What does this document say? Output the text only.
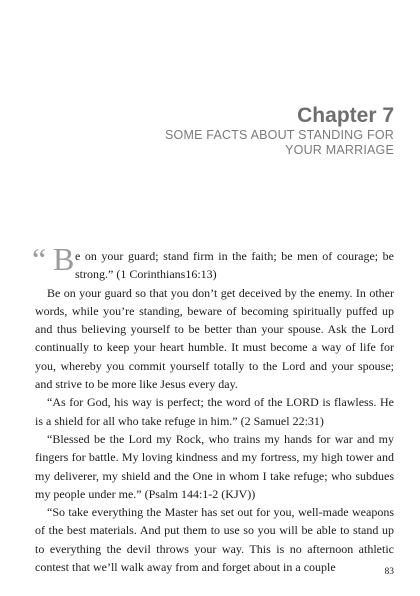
Chapter 7
SOME FACTS ABOUT STANDING FOR
YOUR MARRIAGE

“ B e on your guard; stand firm in the faith; be men of courage; be strong.” (1 Corinthians16:13)

Be on your guard so that you don’t get deceived by the enemy. In other words, while you’re standing, beware of becoming spiritually puffed up and thus believing yourself to be better than your spouse. Ask the Lord continually to keep your heart humble. It must become a way of life for you, whereby you commit yourself totally to the Lord and your spouse; and strive to be more like Jesus every day.

“As for God, his way is perfect; the word of the LORD is flawless. He is a shield for all who take refuge in him.” (2 Samuel 22:31)

“Blessed be the Lord my Rock, who trains my hands for war and my fingers for battle. My loving kindness and my fortress, my high tower and my deliverer, my shield and the One in whom I take refuge; who subdues my people under me.” (Psalm 144:1-2 (KJV))

“So take everything the Master has set out for you, well-made weapons of the best materials. And put them to use so you will be able to stand up to everything the devil throws your way. This is no afternoon athletic contest that we’ll walk away from and forget about in a couple	83
